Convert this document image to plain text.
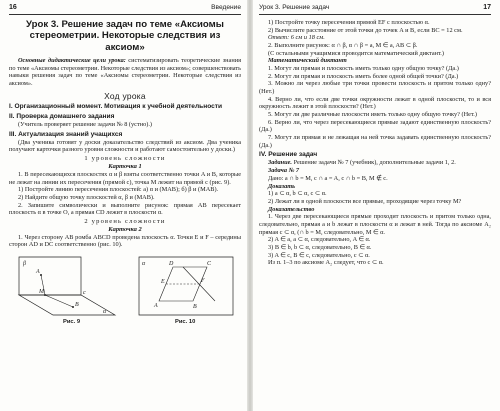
16	Введение
Урок 3. Решение задач по теме «Аксиомы стереометрии. Некоторые следствия из аксиом»

Основные дидактические цели урока: систематизировать теоретические знания по теме «Аксиомы стереометрии. Некоторые следствия из аксиом»; совершенствовать навыки решения задач по теме «Аксиомы стереометрии. Некоторые следствия из аксиом».

Ход урока
I. Организационный момент. Мотивация к учебной деятельности
II. Проверка домашнего задания

(Учитель проверяет решение задачи № 8 (устно).)

III. Актуализация знаний учащихся

(Два ученика готовят у доски доказательство следствий из аксиом. Два ученика получают карточки разного уровня сложности и работают самостоятельно у доски.)

1 уровень сложности
Карточка 1

1. В пересекающихся плоскостях α и β взяты соответственно точки A и B, которые не лежат на линии их пересечения (прямой c), точка M лежит на прямой c (рис. 9).

1) Постройте линию пересечения плоскостей: а) α и (MAB); б) β и (MAB).

2) Найдите общую точку плоскостей α, β и (MAB).

2. Запишите символически и выполните рисунок: прямая AB пересекает плоскость α в точке O, а прямая CD лежит в плоскости α.

2 уровень сложности
Карточка 2

1. Через сторону AB ромба ABCD проведена плоскость α. Точки E и F – середины сторон AD и DC соответственно (рис. 10).

β
α
A
B
M	c
Рис. 9
α
A	B
C
D
E	F
Рис. 10
Урок 3. Решение задач	17

1) Постройте точку пересечения прямой EF с плоскостью α.

2) Вычислите расстояние от этой точки до точек A и B, если BC = 12 см.

Ответ: 6 см и 18 см.

2. Выполните рисунок: α ∩ β, α ∩ β = a, M ∈ a, AB ⊂ β.

(С остальными учащимися проводится математический диктант.)

Математический диктант

1. Могут ли прямая и плоскость иметь только одну общую точку? (Да.)

2. Могут ли прямая и плоскость иметь более одной общей точки? (Да.)

3. Можно ли через любые три точки провести плоскость и притом только одну? (Нет.)

4. Верно ли, что если две точки окружности лежат в одной плоскости, то и вся окружность лежит в этой плоскости? (Нет.)

5. Могут ли две различные плоскости иметь только одну общую точку? (Нет.)

6. Верно ли, что через пересекающиеся прямые задают единственную плоскость? (Да.)

7. Могут ли прямая и не лежащая на ней точка задавать единственную плоскость? (Да.)

IV. Решение задач

Задание. Решение задачи № 7 (учебник), дополнительные задачи 1, 2.

Задача № 7

Дано: a ∩ b = M, c ∩ a = A, c ∩ b = B, M ∉ c.

Доказать

1) a ⊂ α, b ⊂ α, c ⊂ α.

2) Лежат ли в одной плоскости все прямые, проходящие через точку M?

Доказательство

1. Через две пересекающиеся прямые проходит плоскость и притом только одна, следовательно, прямая a и b лежат в плоскости α и лежат в ней. Тогда по аксиоме A₂ прямая c ⊂ α, (∩ b = M, следовательно, M ∈ α.

2) A ∈ a, a ⊂ α, следовательно, A ∈ α.

3) B ∈ b, b ⊂ α, следовательно, B ∈ α.

3) A ∈ c, B ∈ c, следовательно, c ⊂ α.

Из п. 1–3 по аксиоме A₂ следует, что c ⊂ α.
